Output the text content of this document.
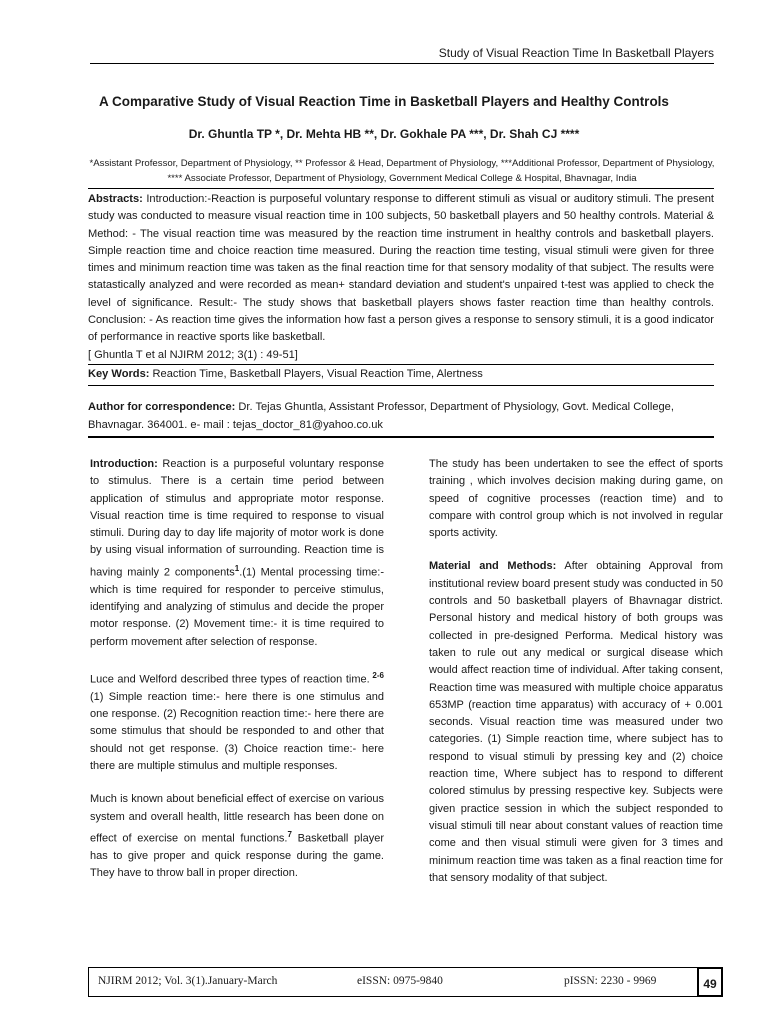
Study of Visual Reaction Time In Basketball Players
A Comparative Study of Visual Reaction Time in Basketball Players and Healthy Controls
Dr. Ghuntla TP *, Dr. Mehta HB **, Dr. Gokhale PA ***, Dr. Shah CJ ****
*Assistant Professor, Department of Physiology, ** Professor & Head, Department of Physiology, ***Additional Professor, Department of Physiology, **** Associate Professor, Department of Physiology, Government Medical College & Hospital, Bhavnagar, India

Abstracts: Introduction:-Reaction is purposeful voluntary response to different stimuli as visual or auditory stimuli. The present study was conducted to measure visual reaction time in 100 subjects, 50 basketball players and 50 healthy controls. Material & Method: - The visual reaction time was measured by the reaction time instrument in healthy controls and basketball players. Simple reaction time and choice reaction time measured. During the reaction time testing, visual stimuli were given for three times and minimum reaction time was taken as the final reaction time for that sensory modality of that subject. The results were statastically analyzed and were recorded as mean+ standard deviation and student's unpaired t-test was applied to check the level of significance. Result:- The study shows that basketball players shows faster reaction time than healthy controls. Conclusion: - As reaction time gives the information how fast a person gives a response to sensory stimuli, it is a good indicator of performance in reactive sports like basketball.
[ Ghuntla T et al NJIRM 2012; 3(1) : 49-51]

Key Words: Reaction Time, Basketball Players, Visual Reaction Time, Alertness

Author for correspondence: Dr. Tejas Ghuntla, Assistant Professor, Department of Physiology, Govt. Medical College, Bhavnagar. 364001. e- mail : tejas_doctor_81@yahoo.co.uk

Introduction: Reaction is a purposeful voluntary response to stimulus. There is a certain time period between application of stimulus and appropriate motor response. Visual reaction time is time required to response to visual stimuli. During day to day life majority of motor work is done by using visual information of surrounding. Reaction time is having mainly 2 components$^1$.(1) Mental processing time:- which is time required for responder to perceive stimulus, identifying and analyzing of stimulus and decide the proper motor response. (2) Movement time:- it is time required to perform movement after selection of response.

Luce and Welford described three types of reaction time. $^{2-6}$ (1) Simple reaction time:- here there is one stimulus and one response. (2) Recognition reaction time:- here there are some stimulus that should be responded to and other that should not get response. (3) Choice reaction time:- here there are multiple stimulus and multiple responses.

Much is known about beneficial effect of exercise on various system and overall health, little research has been done on effect of exercise on mental functions.$^7$ Basketball player has to give proper and quick response during the game. They have to throw ball in proper direction.

The study has been undertaken to see the effect of sports training , which involves decision making during game, on speed of cognitive processes (reaction time) and to compare with control group which is not involved in regular sports activity.

Material and Methods: After obtaining Approval from institutional review board present study was conducted in 50 controls and 50 basketball players of Bhavnagar district. Personal history and medical history of both groups was collected in pre-designed Performa. Medical history was taken to rule out any medical or surgical disease which would affect reaction time of individual. After taking consent, Reaction time was measured with multiple choice apparatus 653MP (reaction time apparatus) with accuracy of + 0.001 seconds. Visual reaction time was measured under two categories. (1) Simple reaction time, where subject has to respond to visual stimuli by pressing key and (2) choice reaction time, Where subject has to respond to different colored stimulus by pressing respective key. Subjects were given practice session in which the subject responded to visual stimuli till near about constant values of reaction time come and then visual stimuli were given for 3 times and minimum reaction time was taken as a final reaction time for that sensory modality of that subject.

NJIRM 2012; Vol. 3(1).January-March	eISSN: 0975-9840	pISSN: 2230 - 9969	49
